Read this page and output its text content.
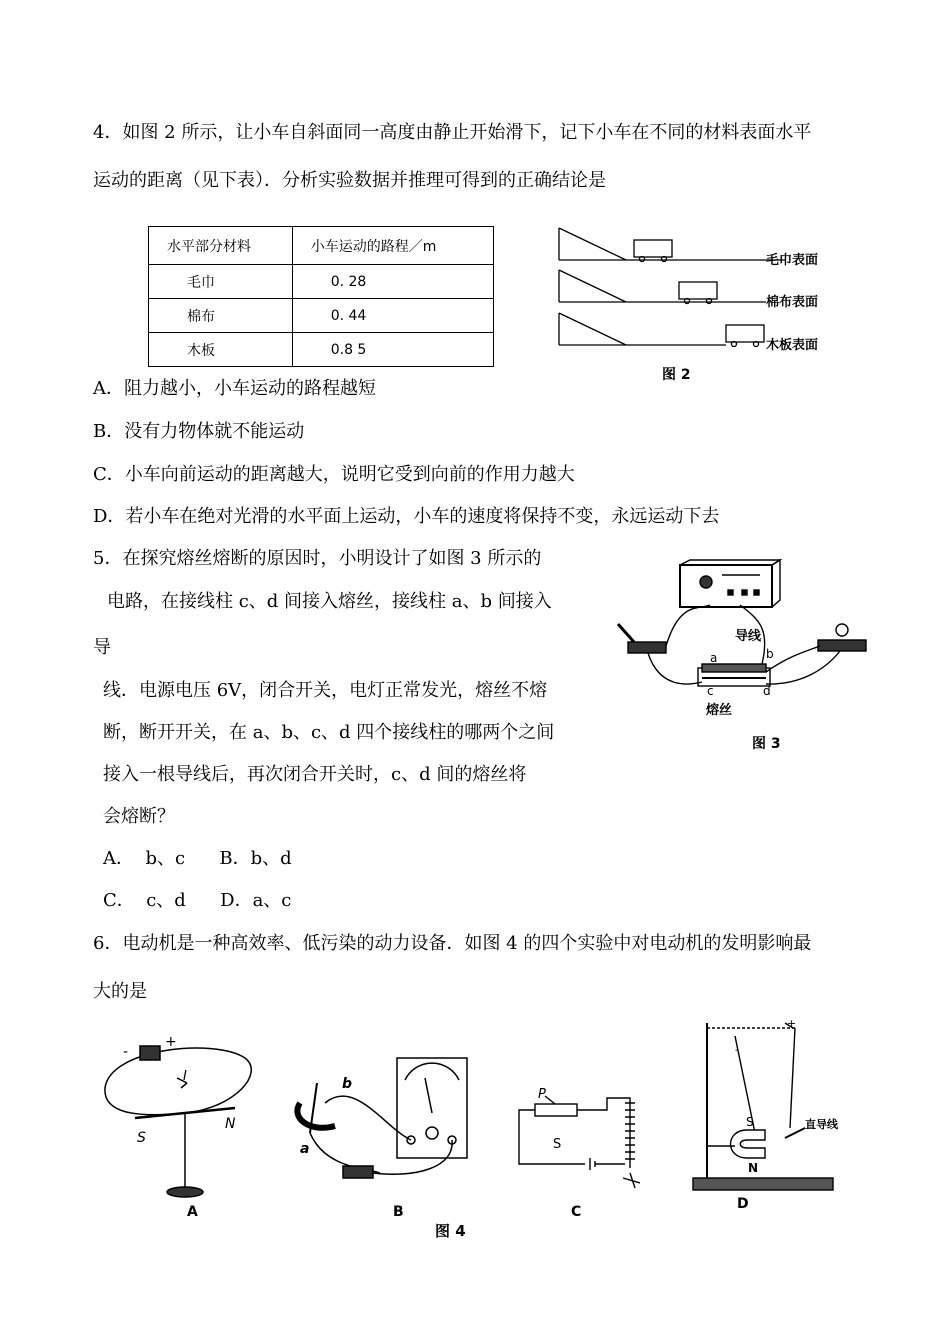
4．如图 2 所示，让小车自斜面同一高度由静止开始滑下，记下小车在不同的材料表面水平
运动的距离（见下表）．分析实验数据并推理可得到的正确结论是
水平部分材料	小车运动的路程／m
毛巾	0. 28
棉布	0. 44
木板	0.8 5
毛巾表面
棉布表面
木板表面
图 2
A．阻力越小，小车运动的路程越短
B．没有力物体就不能运动
C．小车向前运动的距离越大，说明它受到向前的作用力越大
D．若小车在绝对光滑的水平面上运动，小车的速度将保持不变，永远运动下去
5．在探究熔丝熔断的原因时，小明设计了如图 3 所示的
电路，在接线柱 c、d 间接入熔丝，接线柱 a、b 间接入
导
线．电源电压 6V，闭合开关，电灯正常发光，熔丝不熔
断，断开开关，在 a、b、c、d 四个接线柱的哪两个之间
接入一根导线后，再次闭合开关时，c、d 间的熔丝将
会熔断？
A．  b、c      B．b、d
C．  c、d      D．a、c
导线
a	b
c	d
熔丝
图 3
6．电动机是一种高效率、低污染的动力设备．如图 4 的四个实验中对电动机的发明影响最
大的是
-
+
I
S
N
A
b
a
B
P
S
C
+
-
S
N
直导线
D
图 4
